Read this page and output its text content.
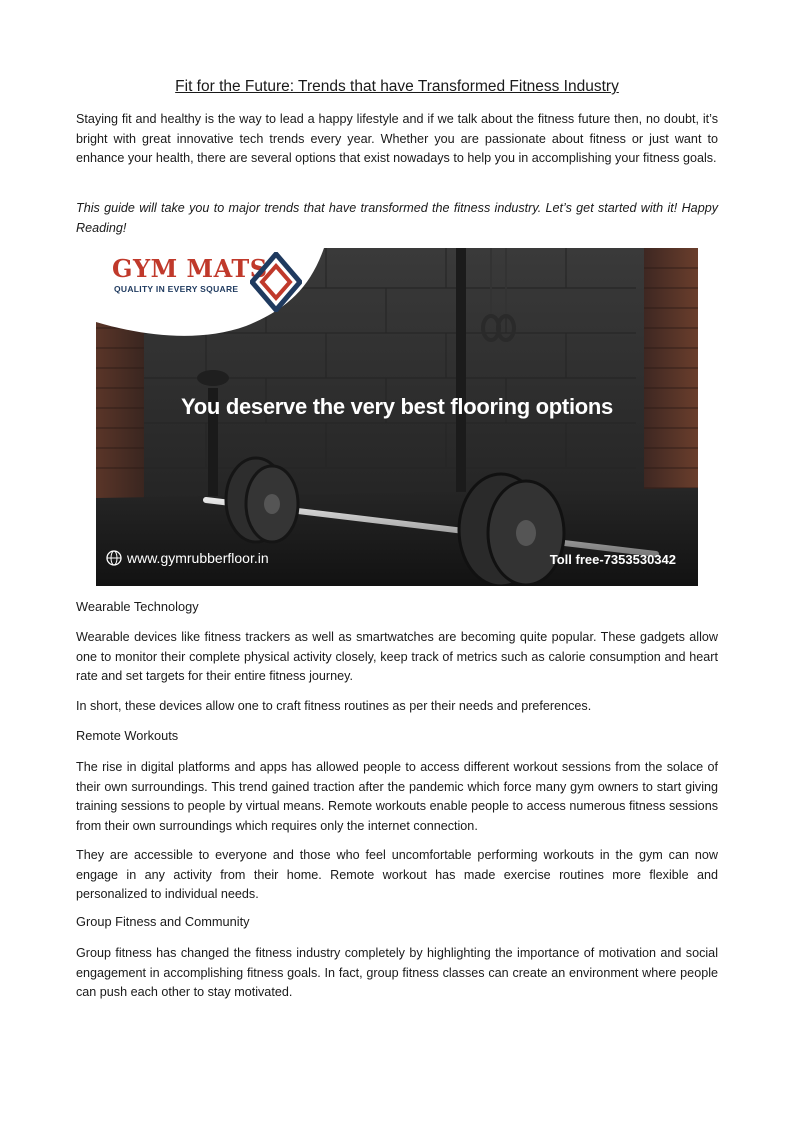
Fit for the Future: Trends that have Transformed Fitness Industry

Staying fit and healthy is the way to lead a happy lifestyle and if we talk about the fitness future then, no doubt, it’s bright with great innovative tech trends every year. Whether you are passionate about fitness or just want to enhance your health, there are several options that exist nowadays to help you in accomplishing your fitness goals.

This guide will take you to major trends that have transformed the fitness industry. Let’s get started with it! Happy Reading!

GYM MATS
QUALITY IN EVERY SQUARE
You deserve the very best flooring options
www.gymrubberfloor.in	Toll free-7353530342
Wearable Technology

Wearable devices like fitness trackers as well as smartwatches are becoming quite popular. These gadgets allow one to monitor their complete physical activity closely, keep track of metrics such as calorie consumption and heart rate and set targets for their entire fitness journey.

In short, these devices allow one to craft fitness routines as per their needs and preferences.

Remote Workouts

The rise in digital platforms and apps has allowed people to access different workout sessions from the solace of their own surroundings. This trend gained traction after the pandemic which force many gym owners to start giving training sessions to people by virtual means. Remote workouts enable people to access numerous fitness sessions from their own surroundings which requires only the internet connection.

They are accessible to everyone and those who feel uncomfortable performing workouts in the gym can now engage in any activity from their home. Remote workout has made exercise routines more flexible and personalized to individual needs.

Group Fitness and Community

Group fitness has changed the fitness industry completely by highlighting the importance of motivation and social engagement in accomplishing fitness goals. In fact, group fitness classes can create an environment where people can push each other to stay motivated.
